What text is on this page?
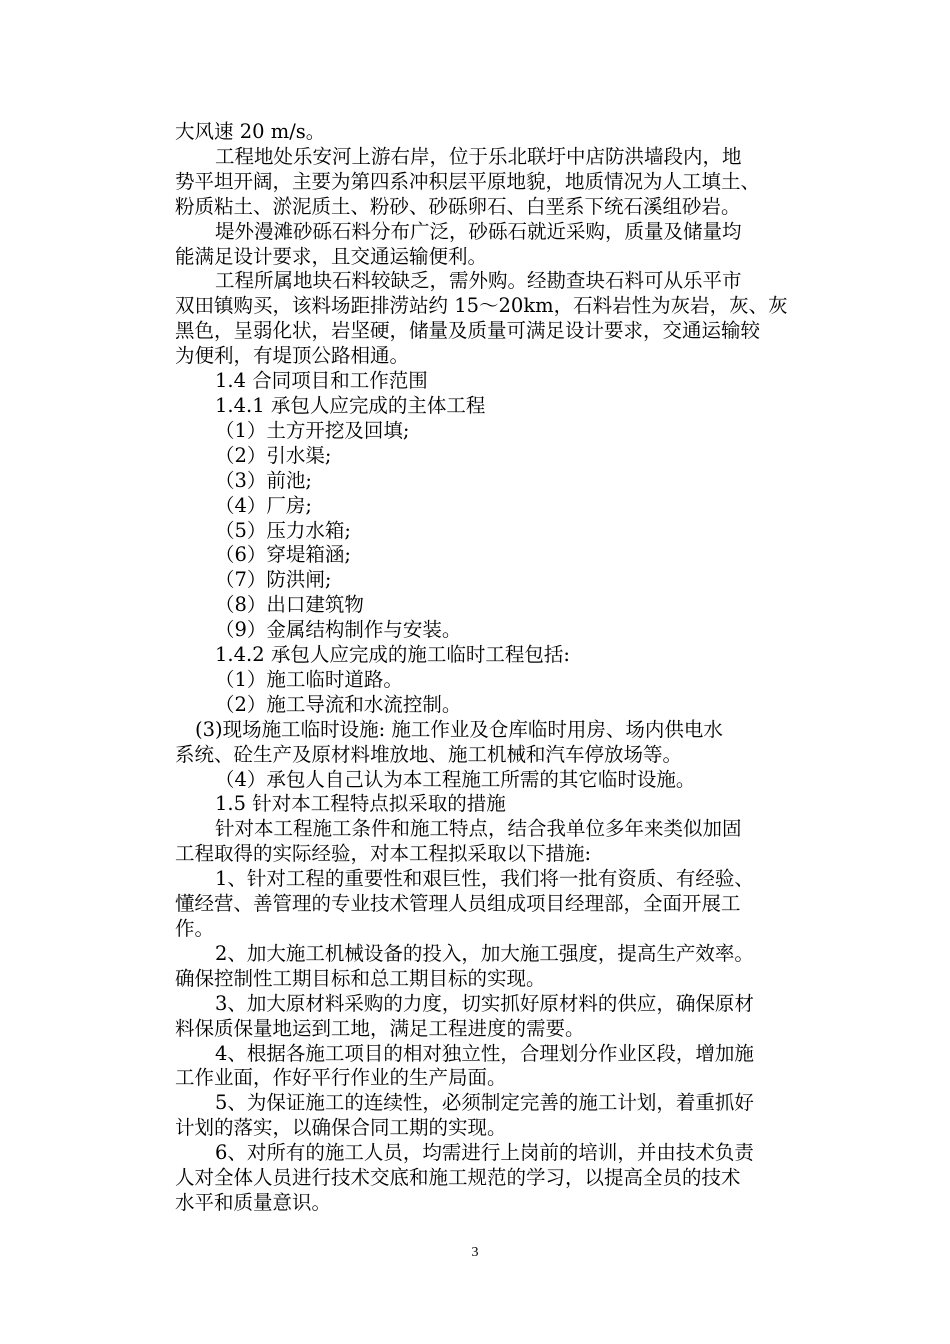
大风速 20 m/s。

工程地处乐安河上游右岸，位于乐北联圩中店防洪墙段内，地

势平坦开阔，主要为第四系冲积层平原地貌，地质情况为人工填土、

粉质粘土、淤泥质土、粉砂、砂砾卵石、白垩系下统石溪组砂岩。

堤外漫滩砂砾石料分布广泛，砂砾石就近采购，质量及储量均

能满足设计要求，且交通运输便利。

工程所属地块石料较缺乏，需外购。经勘查块石料可从乐平市

双田镇购买，该料场距排涝站约 15～20km，石料岩性为灰岩，灰、灰

黑色，呈弱化状，岩坚硬，储量及质量可满足设计要求，交通运输较

为便利，有堤顶公路相通。

1.4 合同项目和工作范围

1.4.1 承包人应完成的主体工程

（1）土方开挖及回填;

（2）引水渠;

（3）前池;

（4）厂房;

（5）压力水箱;

（6）穿堤箱涵;

（7）防洪闸;

（8）出口建筑物

（9）金属结构制作与安装。

1.4.2 承包人应完成的施工临时工程包括:

（1）施工临时道路。

（2）施工导流和水流控制。

(3)现场施工临时设施: 施工作业及仓库临时用房、场内供电水

系统、砼生产及原材料堆放地、施工机械和汽车停放场等。

（4）承包人自己认为本工程施工所需的其它临时设施。

1.5 针对本工程特点拟采取的措施

针对本工程施工条件和施工特点，结合我单位多年来类似加固

工程取得的实际经验，对本工程拟采取以下措施:

1、针对工程的重要性和艰巨性，我们将一批有资质、有经验、

懂经营、善管理的专业技术管理人员组成项目经理部，全面开展工

作。

2、加大施工机械设备的投入，加大施工强度，提高生产效率。

确保控制性工期目标和总工期目标的实现。

3、加大原材料采购的力度，切实抓好原材料的供应，确保原材

料保质保量地运到工地，满足工程进度的需要。

4、根据各施工项目的相对独立性，合理划分作业区段，增加施

工作业面，作好平行作业的生产局面。

5、为保证施工的连续性，必须制定完善的施工计划，着重抓好

计划的落实，以确保合同工期的实现。

6、对所有的施工人员，均需进行上岗前的培训，并由技术负责

人对全体人员进行技术交底和施工规范的学习，以提高全员的技术

水平和质量意识。

3
